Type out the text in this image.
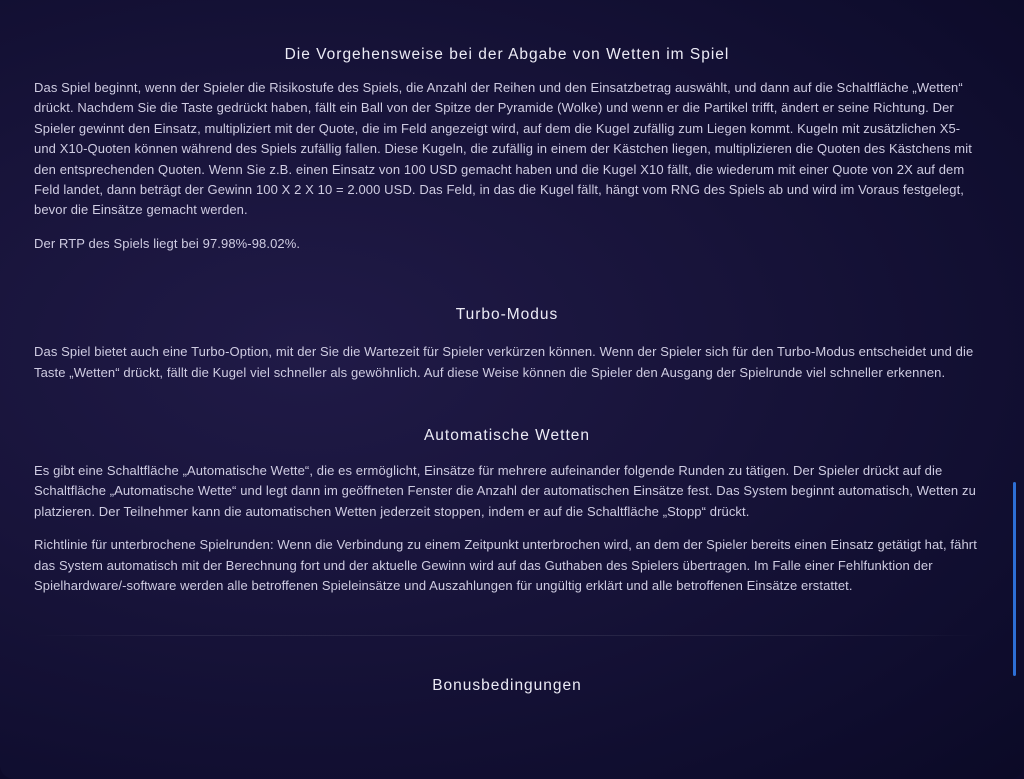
Die Vorgehensweise bei der Abgabe von Wetten im Spiel

Das Spiel beginnt, wenn der Spieler die Risikostufe des Spiels, die Anzahl der Reihen und den Einsatzbetrag auswählt, und dann auf die Schaltfläche „Wetten“ drückt. Nachdem Sie die Taste gedrückt haben, fällt ein Ball von der Spitze der Pyramide (Wolke) und wenn er die Partikel trifft, ändert er seine Richtung. Der Spieler gewinnt den Einsatz, multipliziert mit der Quote, die im Feld angezeigt wird, auf dem die Kugel zufällig zum Liegen kommt. Kugeln mit zusätzlichen X5- und X10-Quoten können während des Spiels zufällig fallen. Diese Kugeln, die zufällig in einem der Kästchen liegen, multiplizieren die Quoten des Kästchens mit den entsprechenden Quoten. Wenn Sie z.B. einen Einsatz von 100 USD gemacht haben und die Kugel X10 fällt, die wiederum mit einer Quote von 2X auf dem Feld landet, dann beträgt der Gewinn 100 X 2 X 10 = 2.000 USD. Das Feld, in das die Kugel fällt, hängt vom RNG des Spiels ab und wird im Voraus festgelegt, bevor die Einsätze gemacht werden.

Der RTP des Spiels liegt bei 97.98%-98.02%.

Turbo-Modus

Das Spiel bietet auch eine Turbo-Option, mit der Sie die Wartezeit für Spieler verkürzen können. Wenn der Spieler sich für den Turbo-Modus entscheidet und die Taste „Wetten“ drückt, fällt die Kugel viel schneller als gewöhnlich. Auf diese Weise können die Spieler den Ausgang der Spielrunde viel schneller erkennen.

Automatische Wetten

Es gibt eine Schaltfläche „Automatische Wette“, die es ermöglicht, Einsätze für mehrere aufeinander folgende Runden zu tätigen. Der Spieler drückt auf die Schaltfläche „Automatische Wette“ und legt dann im geöffneten Fenster die Anzahl der automatischen Einsätze fest. Das System beginnt automatisch, Wetten zu platzieren. Der Teilnehmer kann die automatischen Wetten jederzeit stoppen, indem er auf die Schaltfläche „Stopp“ drückt.

Richtlinie für unterbrochene Spielrunden: Wenn die Verbindung zu einem Zeitpunkt unterbrochen wird, an dem der Spieler bereits einen Einsatz getätigt hat, fährt das System automatisch mit der Berechnung fort und der aktuelle Gewinn wird auf das Guthaben des Spielers übertragen. Im Falle einer Fehlfunktion der Spielhardware/-software werden alle betroffenen Spieleinsätze und Auszahlungen für ungültig erklärt und alle betroffenen Einsätze erstattet.

Bonusbedingungen
